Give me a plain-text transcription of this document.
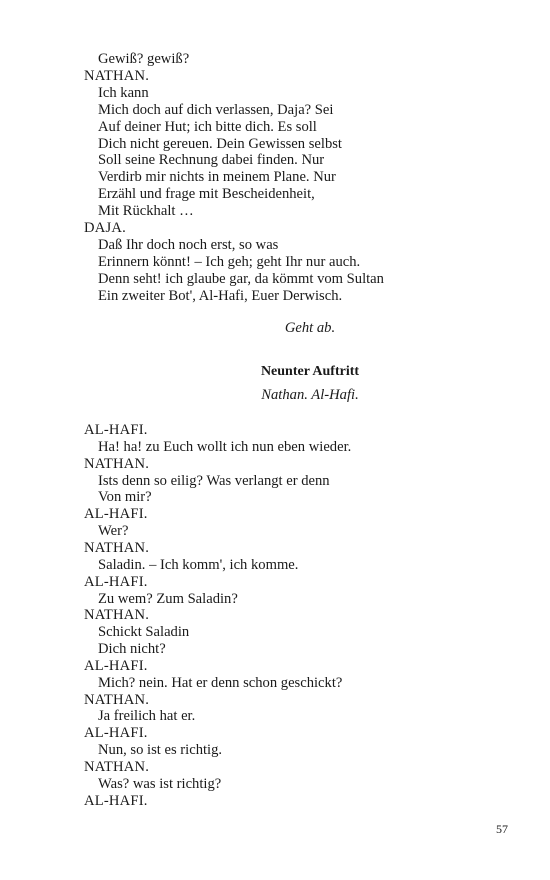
Gewiß? gewiß?
NATHAN.
Ich kann
Mich doch auf dich verlassen, Daja? Sei
Auf deiner Hut; ich bitte dich. Es soll
Dich nicht gereuen. Dein Gewissen selbst
Soll seine Rechnung dabei finden. Nur
Verdirb mir nichts in meinem Plane. Nur
Erzähl und frage mit Bescheidenheit,
Mit Rückhalt …
DAJA.
Daß Ihr doch noch erst, so was
Erinnern könnt! – Ich geh; geht Ihr nur auch.
Denn seht! ich glaube gar, da kömmt vom Sultan
Ein zweiter Bot', Al-Hafi, Euer Derwisch.
Geht ab.
Neunter Auftritt
Nathan. Al-Hafi.
AL-HAFI.
Ha! ha! zu Euch wollt ich nun eben wieder.
NATHAN.
Ists denn so eilig? Was verlangt er denn
Von mir?
AL-HAFI.
Wer?
NATHAN.
Saladin. – Ich komm', ich komme.
AL-HAFI.
Zu wem? Zum Saladin?
NATHAN.
Schickt Saladin
Dich nicht?
AL-HAFI.
Mich? nein. Hat er denn schon geschickt?
NATHAN.
Ja freilich hat er.
AL-HAFI.
Nun, so ist es richtig.
NATHAN.
Was? was ist richtig?
AL-HAFI.
57
